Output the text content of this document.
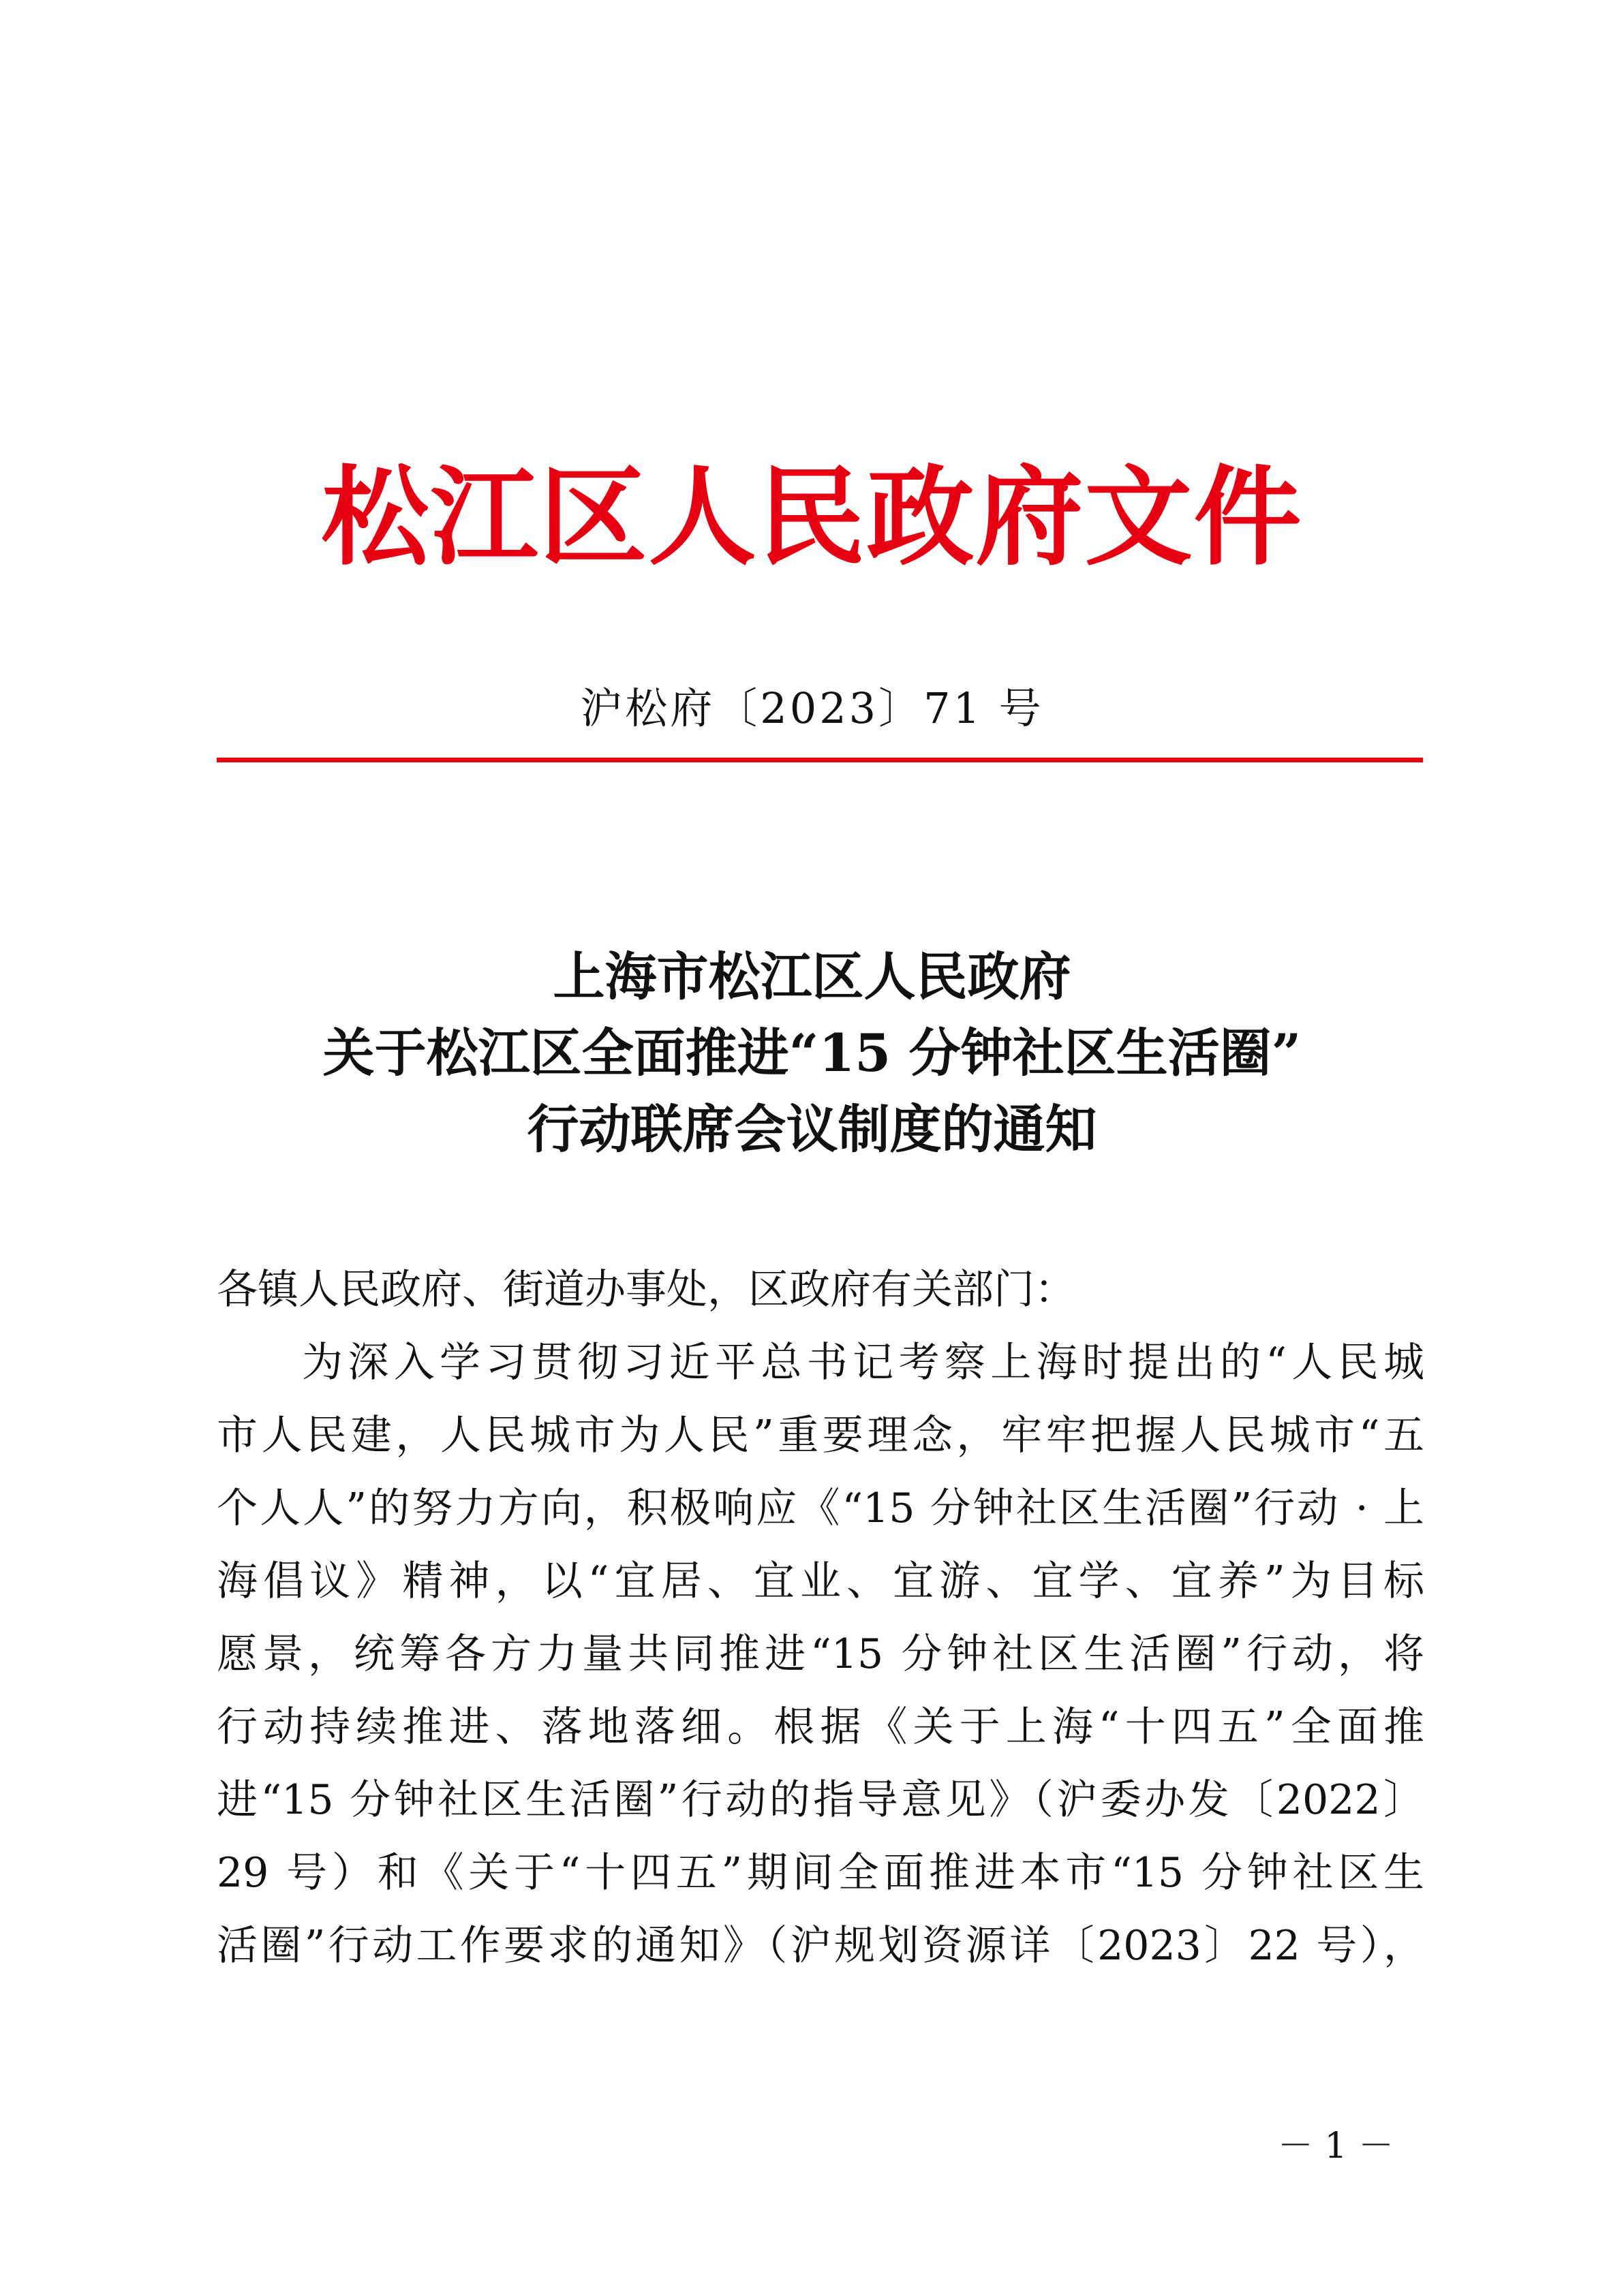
松江区人民政府文件
沪松府〔2023〕71 号
上海市松江区人民政府
关于松江区全面推进“15 分钟社区生活圈”
行动联席会议制度的通知
各镇人民政府、街道办事处，区政府有关部门：
为深入学习贯彻习近平总书记考察上海时提出的“人民城
市人民建，人民城市为人民”重要理念，牢牢把握人民城市“五
个人人”的努力方向，积极响应《“15 分钟社区生活圈”行动 · 上
海倡议》精神，以“宜居、宜业、宜游、宜学、宜养”为目标
愿景，统筹各方力量共同推进“15 分钟社区生活圈”行动，将
行动持续推进、落地落细。根据《关于上海“十四五”全面推
进“15 分钟社区生活圈”行动的指导意见》（沪委办发〔2022〕
29 号）和《关于“十四五”期间全面推进本市“15 分钟社区生
活圈”行动工作要求的通知》（沪规划资源详〔2023〕22 号），
－ 1 －
